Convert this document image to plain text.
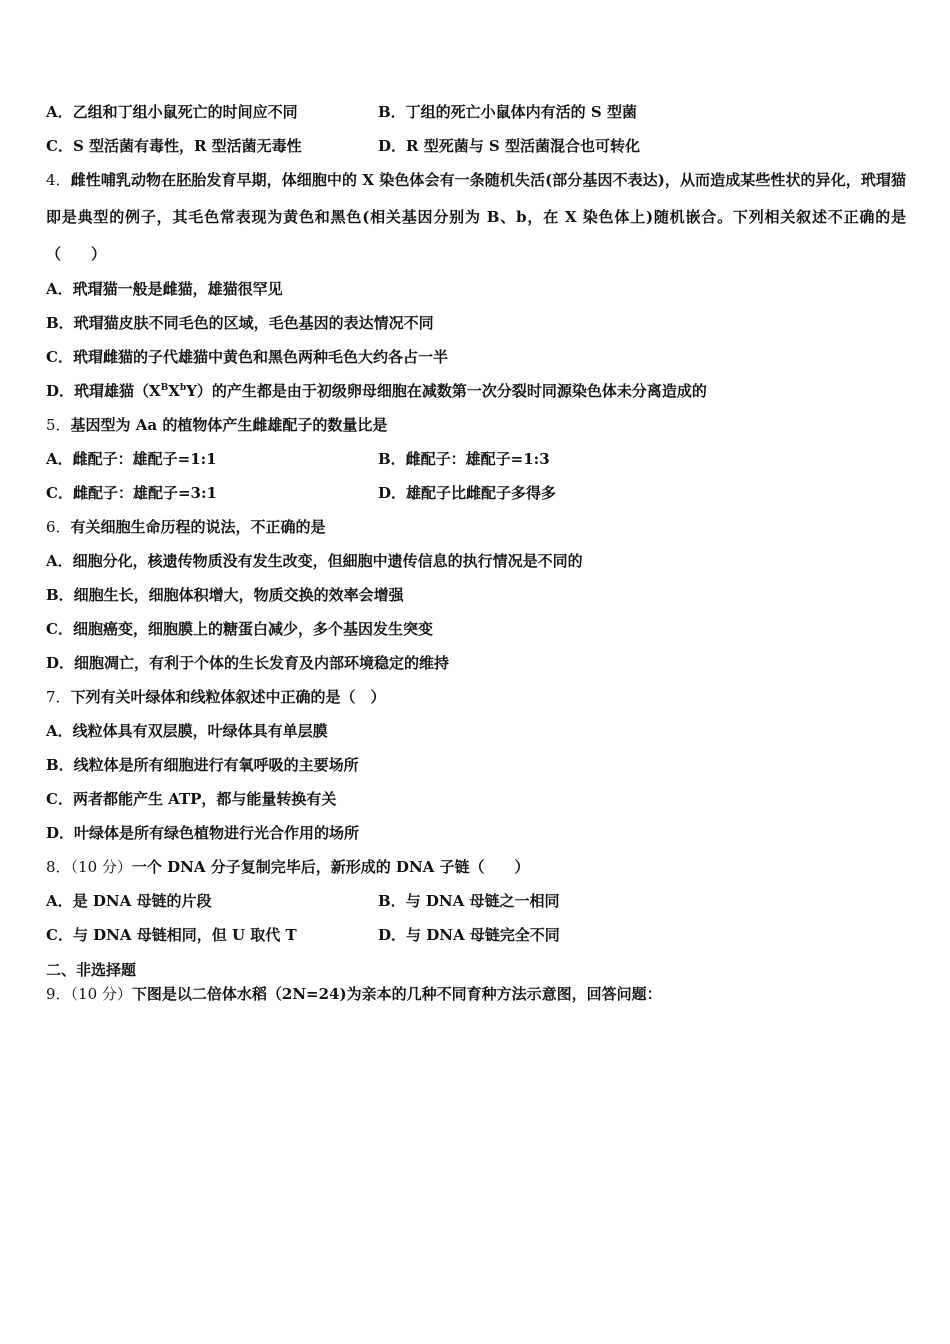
A．乙组和丁组小鼠死亡的时间应不同	B．丁组的死亡小鼠体内有活的 S 型菌
C．S 型活菌有毒性，R 型活菌无毒性	D．R 型死菌与 S 型活菌混合也可转化
4．雌性哺乳动物在胚胎发育早期，体细胞中的 X 染色体会有一条随机失活(部分基因不表达)，从而造成某些性状的异化，玳瑁猫即是典型的例子，其毛色常表现为黄色和黑色(相关基因分别为 B、b，在 X 染色体上)随机嵌合。下列相关叙述不正确的是（　　）
A．玳瑁猫一般是雌猫，雄猫很罕见
B．玳瑁猫皮肤不同毛色的区域，毛色基因的表达情况不同
C．玳瑁雌猫的子代雄猫中黄色和黑色两种毛色大约各占一半
D．玳瑁雄猫$(X^BX^bY)$的产生都是由于初级卵母细胞在减数第一次分裂时同源染色体未分离造成的
5．基因型为 Aa 的植物体产生雌雄配子的数量比是
A．雌配子：雄配子=1:1	B．雌配子：雄配子=1:3
C．雌配子：雄配子=3:1	D．雄配子比雌配子多得多
6．有关细胞生命历程的说法，不正确的是
A．细胞分化，核遗传物质没有发生改变，但細胞中遗传信息的执行情况是不同的
B．细胞生长，细胞体积增大，物质交换的效率会增强
C．细胞癌变，细胞膜上的糖蛋白减少，多个基因发生突变
D．细胞凋亡，有利于个体的生长发育及内部环境稳定的维持
7．下列有关叶绿体和线粒体叙述中正确的是（　）
A．线粒体具有双层膜，叶绿体具有单层膜
B．线粒体是所有细胞进行有氧呼吸的主要场所
C．两者都能产生 ATP，都与能量转换有关
D．叶绿体是所有绿色植物进行光合作用的场所
8．（10 分）一个 DNA 分子复制完毕后，新形成的 DNA 子链（　　）
A．是 DNA 母链的片段	B．与 DNA 母链之一相同
C．与 DNA 母链相同，但 U 取代 T	D．与 DNA 母链完全不同
二、非选择题
9．（10 分）下图是以二倍体水稻（2N=24)为亲本的几种不同育种方法示意图，回答问题：
